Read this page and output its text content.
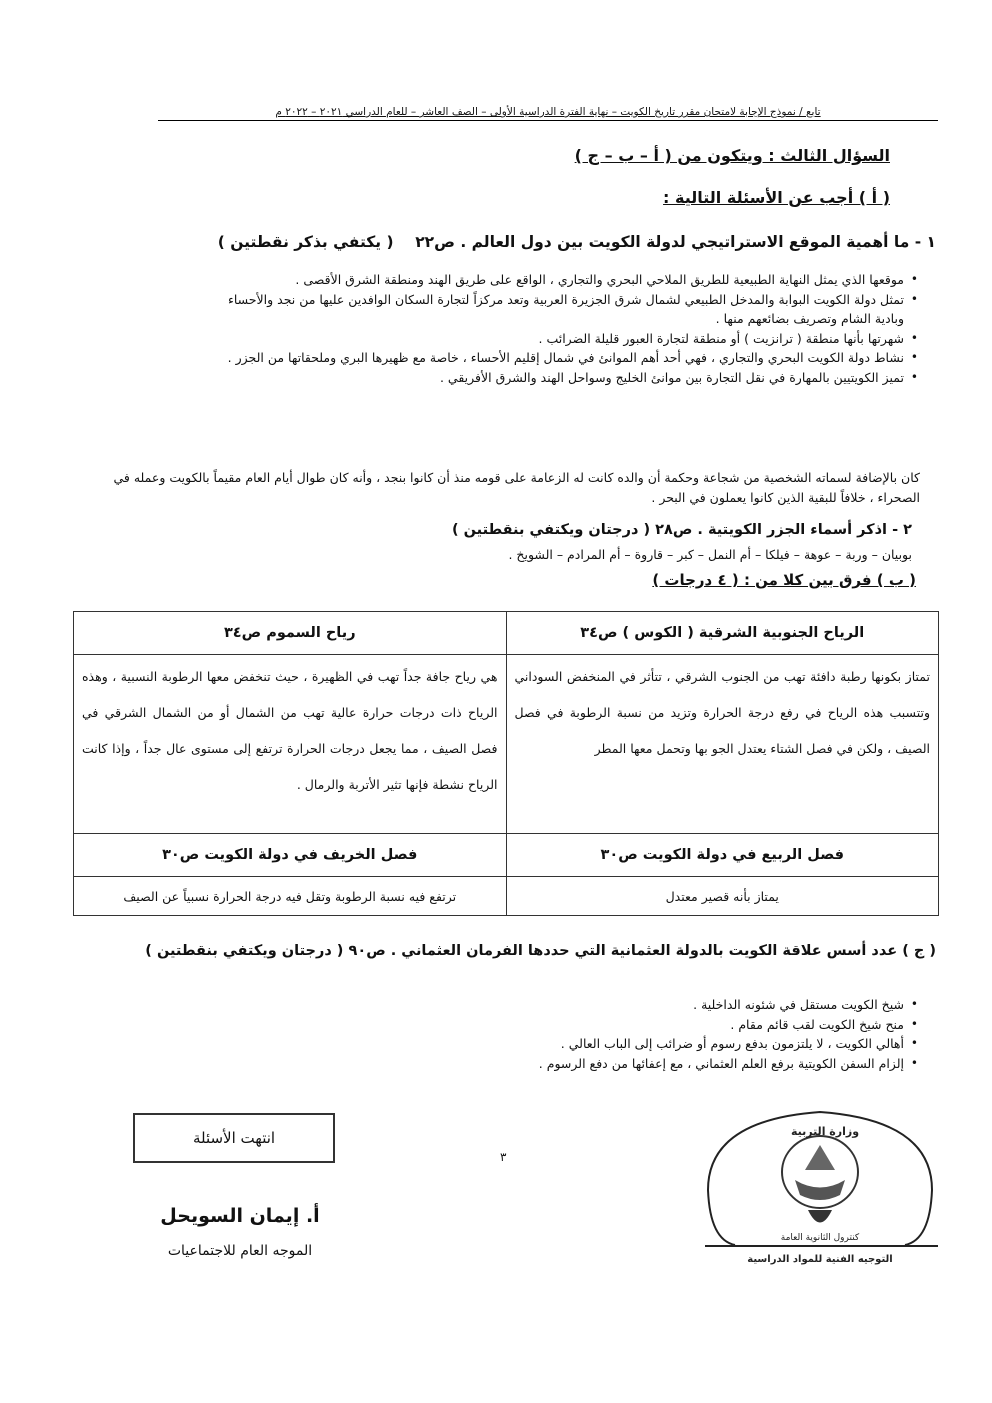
تابع / نموذج الإجابة لامتحان مقرر تاريخ الكويت – نهاية الفترة الدراسية الأولى – الصف العاشر – للعام الدراسي ٢٠٢١ – ٢٠٢٢ م
السؤال الثالث : ويتكون من ( أ – ب – ج )
( أ ) أجب عن الأسئلة التالية :
١ - ما أهمية الموقع الاستراتيجي لدولة الكويت بين دول العالم . ص٢٢    ( يكتفي بذكر نقطتين )
• موقعها الذي يمثل النهاية الطبيعية للطريق الملاحي البحري والتجاري ، الواقع على طريق الهند ومنطقة الشرق الأقصى .
• تمثل دولة الكويت البوابة والمدخل الطبيعي لشمال شرق الجزيرة العربية وتعد مركزاً لتجارة السكان الوافدين عليها من نجد والأحساء وبادية الشام وتصريف بضائعهم منها .
• شهرتها بأنها منطقة ( ترانزيت ) أو منطقة لتجارة العبور قليلة الضرائب .
• نشاط دولة الكويت البحري والتجاري ، فهي أحد أهم الموانئ في شمال إقليم الأحساء ، خاصة مع ظهيرها البري وملحقاتها من الجزر .
• تميز الكويتيين بالمهارة في نقل التجارة بين موانئ الخليج وسواحل الهند والشرق الأفريقي .
كان بالإضافة لسماته الشخصية من شجاعة وحكمة أن والده كانت له الزعامة على قومه منذ أن كانوا بنجد ، وأنه كان طوال أيام العام مقيماً بالكويت وعمله في الصحراء ، خلافاً للبقية الذين كانوا يعملون في البحر .
٢ - اذكر أسماء الجزر الكويتية . ص٢٨ ( درجتان ويكتفي بنقطتين )
بوبيان – وربة – عوهة – فيلكا – أم النمل – كبر – قاروة – أم المرادم – الشويخ .
( ب ) فرق بين كلا من : ( ٤ درجات )
الرياح الجنوبية الشرقية ( الكوس ) ص٣٤	رياح السموم ص٣٤
تمتاز بكونها رطبة دافئة تهب من الجنوب الشرقي ، تتأثر في المنخفض السوداني وتتسبب هذه الرياح في رفع درجة الحرارة وتزيد من نسبة الرطوبة في فصل الصيف ، ولكن في فصل الشتاء يعتدل الجو بها وتحمل معها المطر	هي رياح جافة جداً تهب في الظهيرة ، حيث تنخفض معها الرطوبة النسبية ، وهذه الرياح ذات درجات حرارة عالية تهب من الشمال أو من الشمال الشرقي في فصل الصيف ، مما يجعل درجات الحرارة ترتفع إلى مستوى عال جداً ، وإذا كانت الرياح نشطة فإنها تثير الأتربة والرمال .
فصل الربيع في دولة الكويت ص٣٠	فصل الخريف في دولة الكويت ص٣٠
يمتاز بأنه قصير معتدل	ترتفع فيه نسبة الرطوبة وتقل فيه درجة الحرارة نسبياً عن الصيف
( ج ) عدد أسس علاقة الكويت بالدولة العثمانية التي حددها الفرمان العثماني . ص٩٠ ( درجتان ويكتفي بنقطتين )
• شيخ الكويت مستقل في شئونه الداخلية .
• منح شيخ الكويت لقب قائم مقام .
• أهالي الكويت ، لا يلتزمون بدفع رسوم أو ضرائب إلى الباب العالي .
• إلزام السفن الكويتية برفع العلم العثماني ، مع إعفائها من دفع الرسوم .
انتهت الأسئلة
٣
أ. إيمان السويحل
الموجه العام للاجتماعيات
وزارة التربية
كنترول الثانوية العامة
التوجيه الفنية للمواد الدراسية
